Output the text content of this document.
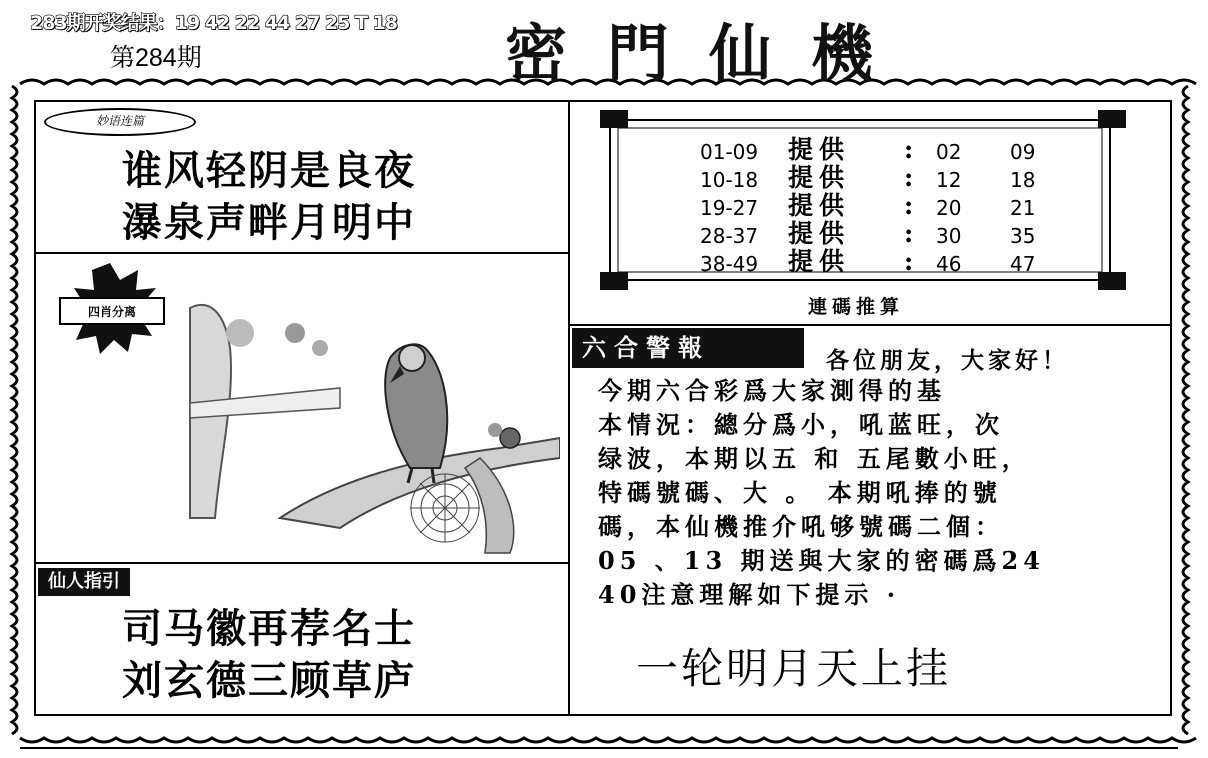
283期开奖结果：19 42 22 44 27 25 T 18
第284期	密門仙機
妙语连篇
谁风轻阴是良夜
瀑泉声畔月明中
四肖分离
仙人指引
司马徽再荐名士
刘玄德三顾草庐
01-09 提供 : 02 09
10-18 提供 : 12 18
19-27 提供 : 20 21
28-37 提供 : 30 35
38-49 提供 : 46 47
連碼推算
六合警報	各位朋友，大家好！
今期六合彩爲大家測得的基
本情況：總分爲小，吼蓝旺，次
绿波，本期以五 和 五尾數小旺，
特碼號碼、大 。 本期吼捧的號
碼，本仙機推介吼够號碼二個：
05 、13 期送與大家的密碼爲24
40注意理解如下提示 ·
一轮明月天上挂
